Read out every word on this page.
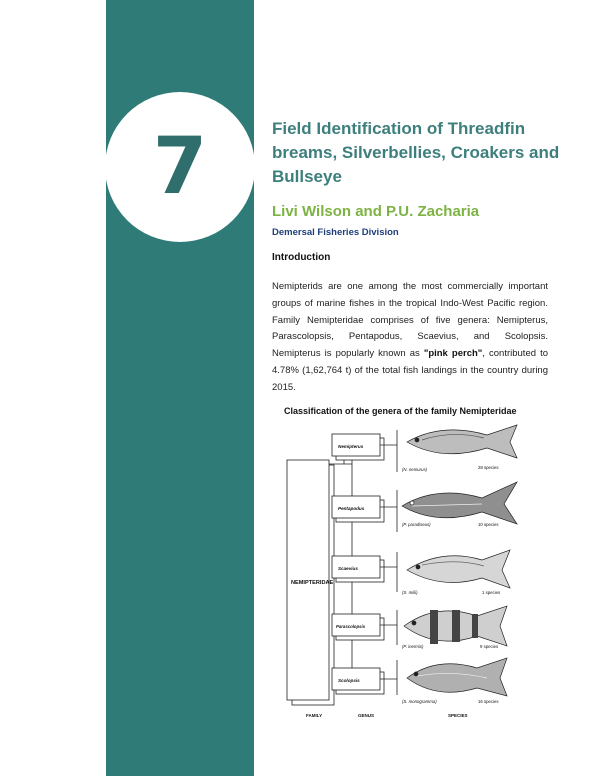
7	Field Identification of Threadfin breams, Silverbellies, Croakers and Bullseye

Livi Wilson and P.U. Zacharia

Demersal Fisheries Division

Introduction

Nemipterids are one among the most commercially important groups of marine fishes in the tropical Indo-West Pacific region. Family Nemipteridae comprises of five genera: Nemipterus, Parascolopsis, Pentapodus, Scaevius, and Scolopsis. Nemipterus is popularly known as "pink perch", contributed to 4.78% (1,62,764 t) of the total fish landings in the country during 2015.

Classification of the genera of the family Nemipteridae

NEMIPTERIDAE
Nemipterus
Pentapodus
Scaevius
Parascolopsis
Scolopsis
(N. nemurus)
(P. paradiseus)
(S. milii)
(P. inermis)
(S. monogramma)
28 species
10 species
1 species
9 species
16 species
FAMILY	GENUS	SPECIES
